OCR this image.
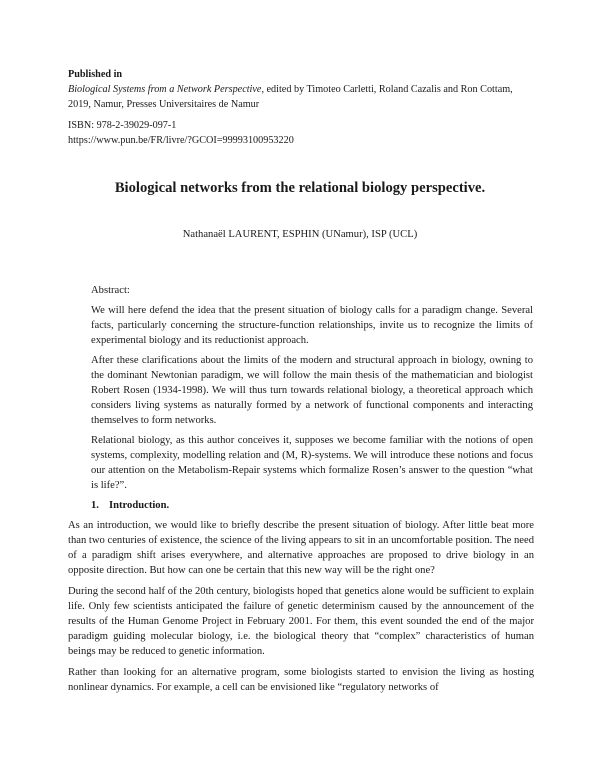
Published in
Biological Systems from a Network Perspective, edited by Timoteo Carletti, Roland Cazalis and Ron Cottam, 2019, Namur, Presses Universitaires de Namur
ISBN: 978-2-39029-097-1
https://www.pun.be/FR/livre/?GCOI=99993100953220
Biological networks from the relational biology perspective.
Nathanaël LAURENT, ESPHIN (UNamur), ISP (UCL)
Abstract:

We will here defend the idea that the present situation of biology calls for a paradigm change. Several facts, particularly concerning the structure-function relationships, invite us to recognize the limits of experimental biology and its reductionist approach.

After these clarifications about the limits of the modern and structural approach in biology, owning to the dominant Newtonian paradigm, we will follow the main thesis of the mathematician and biologist Robert Rosen (1934-1998). We will thus turn towards relational biology, a theoretical approach which considers living systems as naturally formed by a network of functional components and interacting themselves to form networks.

Relational biology, as this author conceives it, supposes we become familiar with the notions of open systems, complexity, modelling relation and (M, R)-systems. We will introduce these notions and focus our attention on the Metabolism-Repair systems which formalize Rosen’s answer to the question “what is life?”.

1. Introduction.

As an introduction, we would like to briefly describe the present situation of biology. After little beat more than two centuries of existence, the science of the living appears to sit in an uncomfortable position. The need of a paradigm shift arises everywhere, and alternative approaches are proposed to drive biology in an opposite direction. But how can one be certain that this new way will be the right one?

During the second half of the 20th century, biologists hoped that genetics alone would be sufficient to explain life. Only few scientists anticipated the failure of genetic determinism caused by the announcement of the results of the Human Genome Project in February 2001. For them, this event sounded the end of the major paradigm guiding molecular biology, i.e. the biological theory that “complex” characteristics of human beings may be reduced to genetic information.

Rather than looking for an alternative program, some biologists started to envision the living as hosting nonlinear dynamics. For example, a cell can be envisioned like “regulatory networks of
